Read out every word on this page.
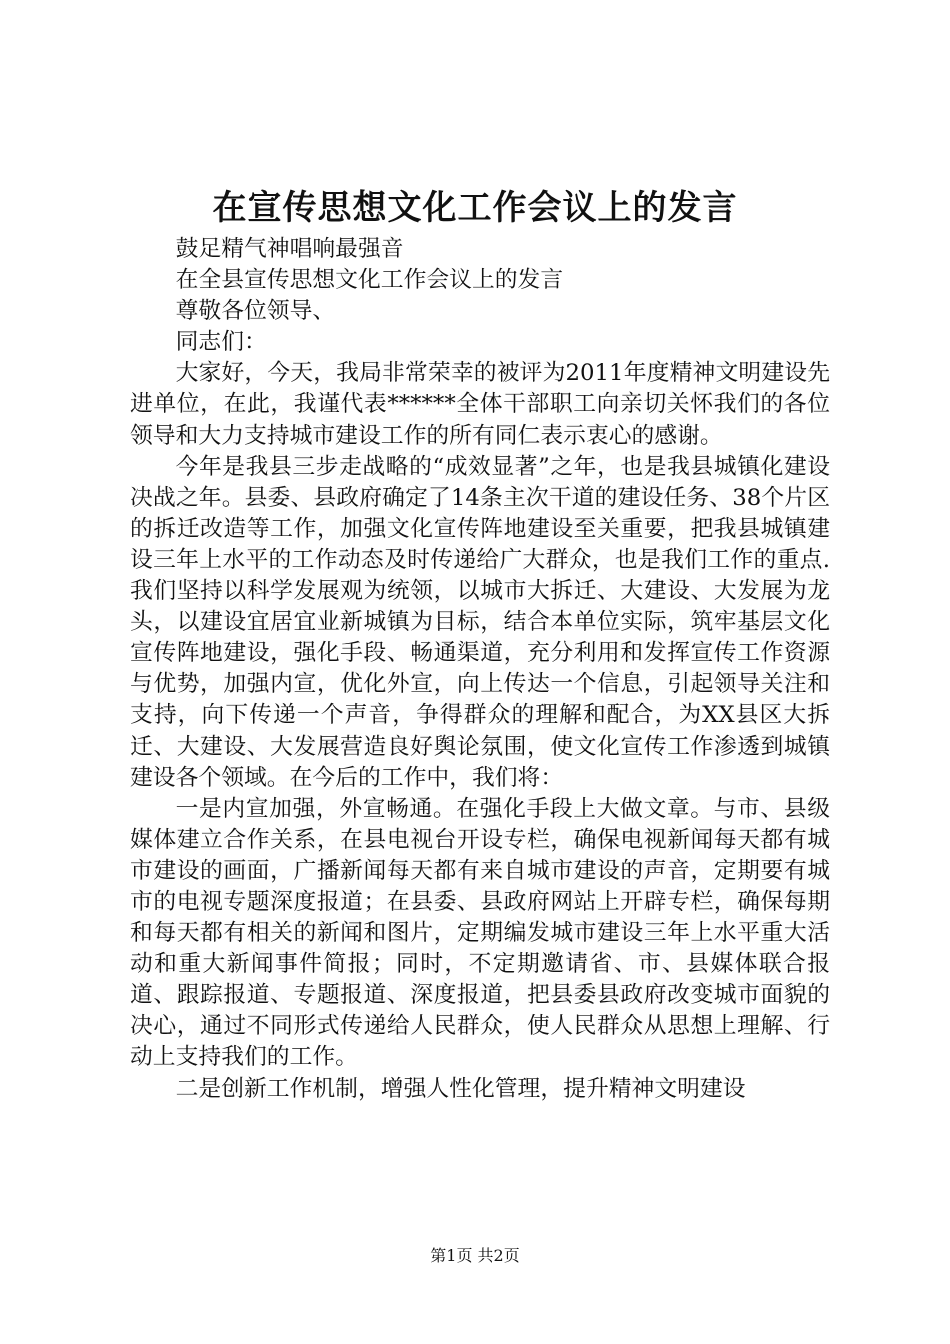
在宣传思想文化工作会议上的发言

鼓足精气神唱响最强音

在全县宣传思想文化工作会议上的发言

尊敬各位领导、

同志们：

大家好，今天，我局非常荣幸的被评为2011年度精神文明建设先进单位，在此，我谨代表******全体干部职工向亲切关怀我们的各位领导和大力支持城市建设工作的所有同仁表示衷心的感谢。

今年是我县三步走战略的“成效显著”之年，也是我县城镇化建设决战之年。县委、县政府确定了14条主次干道的建设任务、38个片区的拆迁改造等工作，加强文化宣传阵地建设至关重要，把我县城镇建设三年上水平的工作动态及时传递给广大群众，也是我们工作的重点.我们坚持以科学发展观为统领，以城市大拆迁、大建设、大发展为龙头，以建设宜居宜业新城镇为目标，结合本单位实际，筑牢基层文化宣传阵地建设，强化手段、畅通渠道，充分利用和发挥宣传工作资源与优势，加强内宣，优化外宣，向上传达一个信息，引起领导关注和支持，向下传递一个声音，争得群众的理解和配合，为XX县区大拆迁、大建设、大发展营造良好舆论氛围，使文化宣传工作渗透到城镇建设各个领域。在今后的工作中，我们将：

一是内宣加强，外宣畅通。在强化手段上大做文章。与市、县级媒体建立合作关系，在县电视台开设专栏，确保电视新闻每天都有城市建设的画面，广播新闻每天都有来自城市建设的声音，定期要有城市的电视专题深度报道；在县委、县政府网站上开辟专栏，确保每期和每天都有相关的新闻和图片，定期编发城市建设三年上水平重大活动和重大新闻事件简报；同时，不定期邀请省、市、县媒体联合报道、跟踪报道、专题报道、深度报道，把县委县政府改变城市面貌的决心，通过不同形式传递给人民群众，使人民群众从思想上理解、行动上支持我们的工作。

二是创新工作机制，增强人性化管理，提升精神文明建设

第1页 共2页
